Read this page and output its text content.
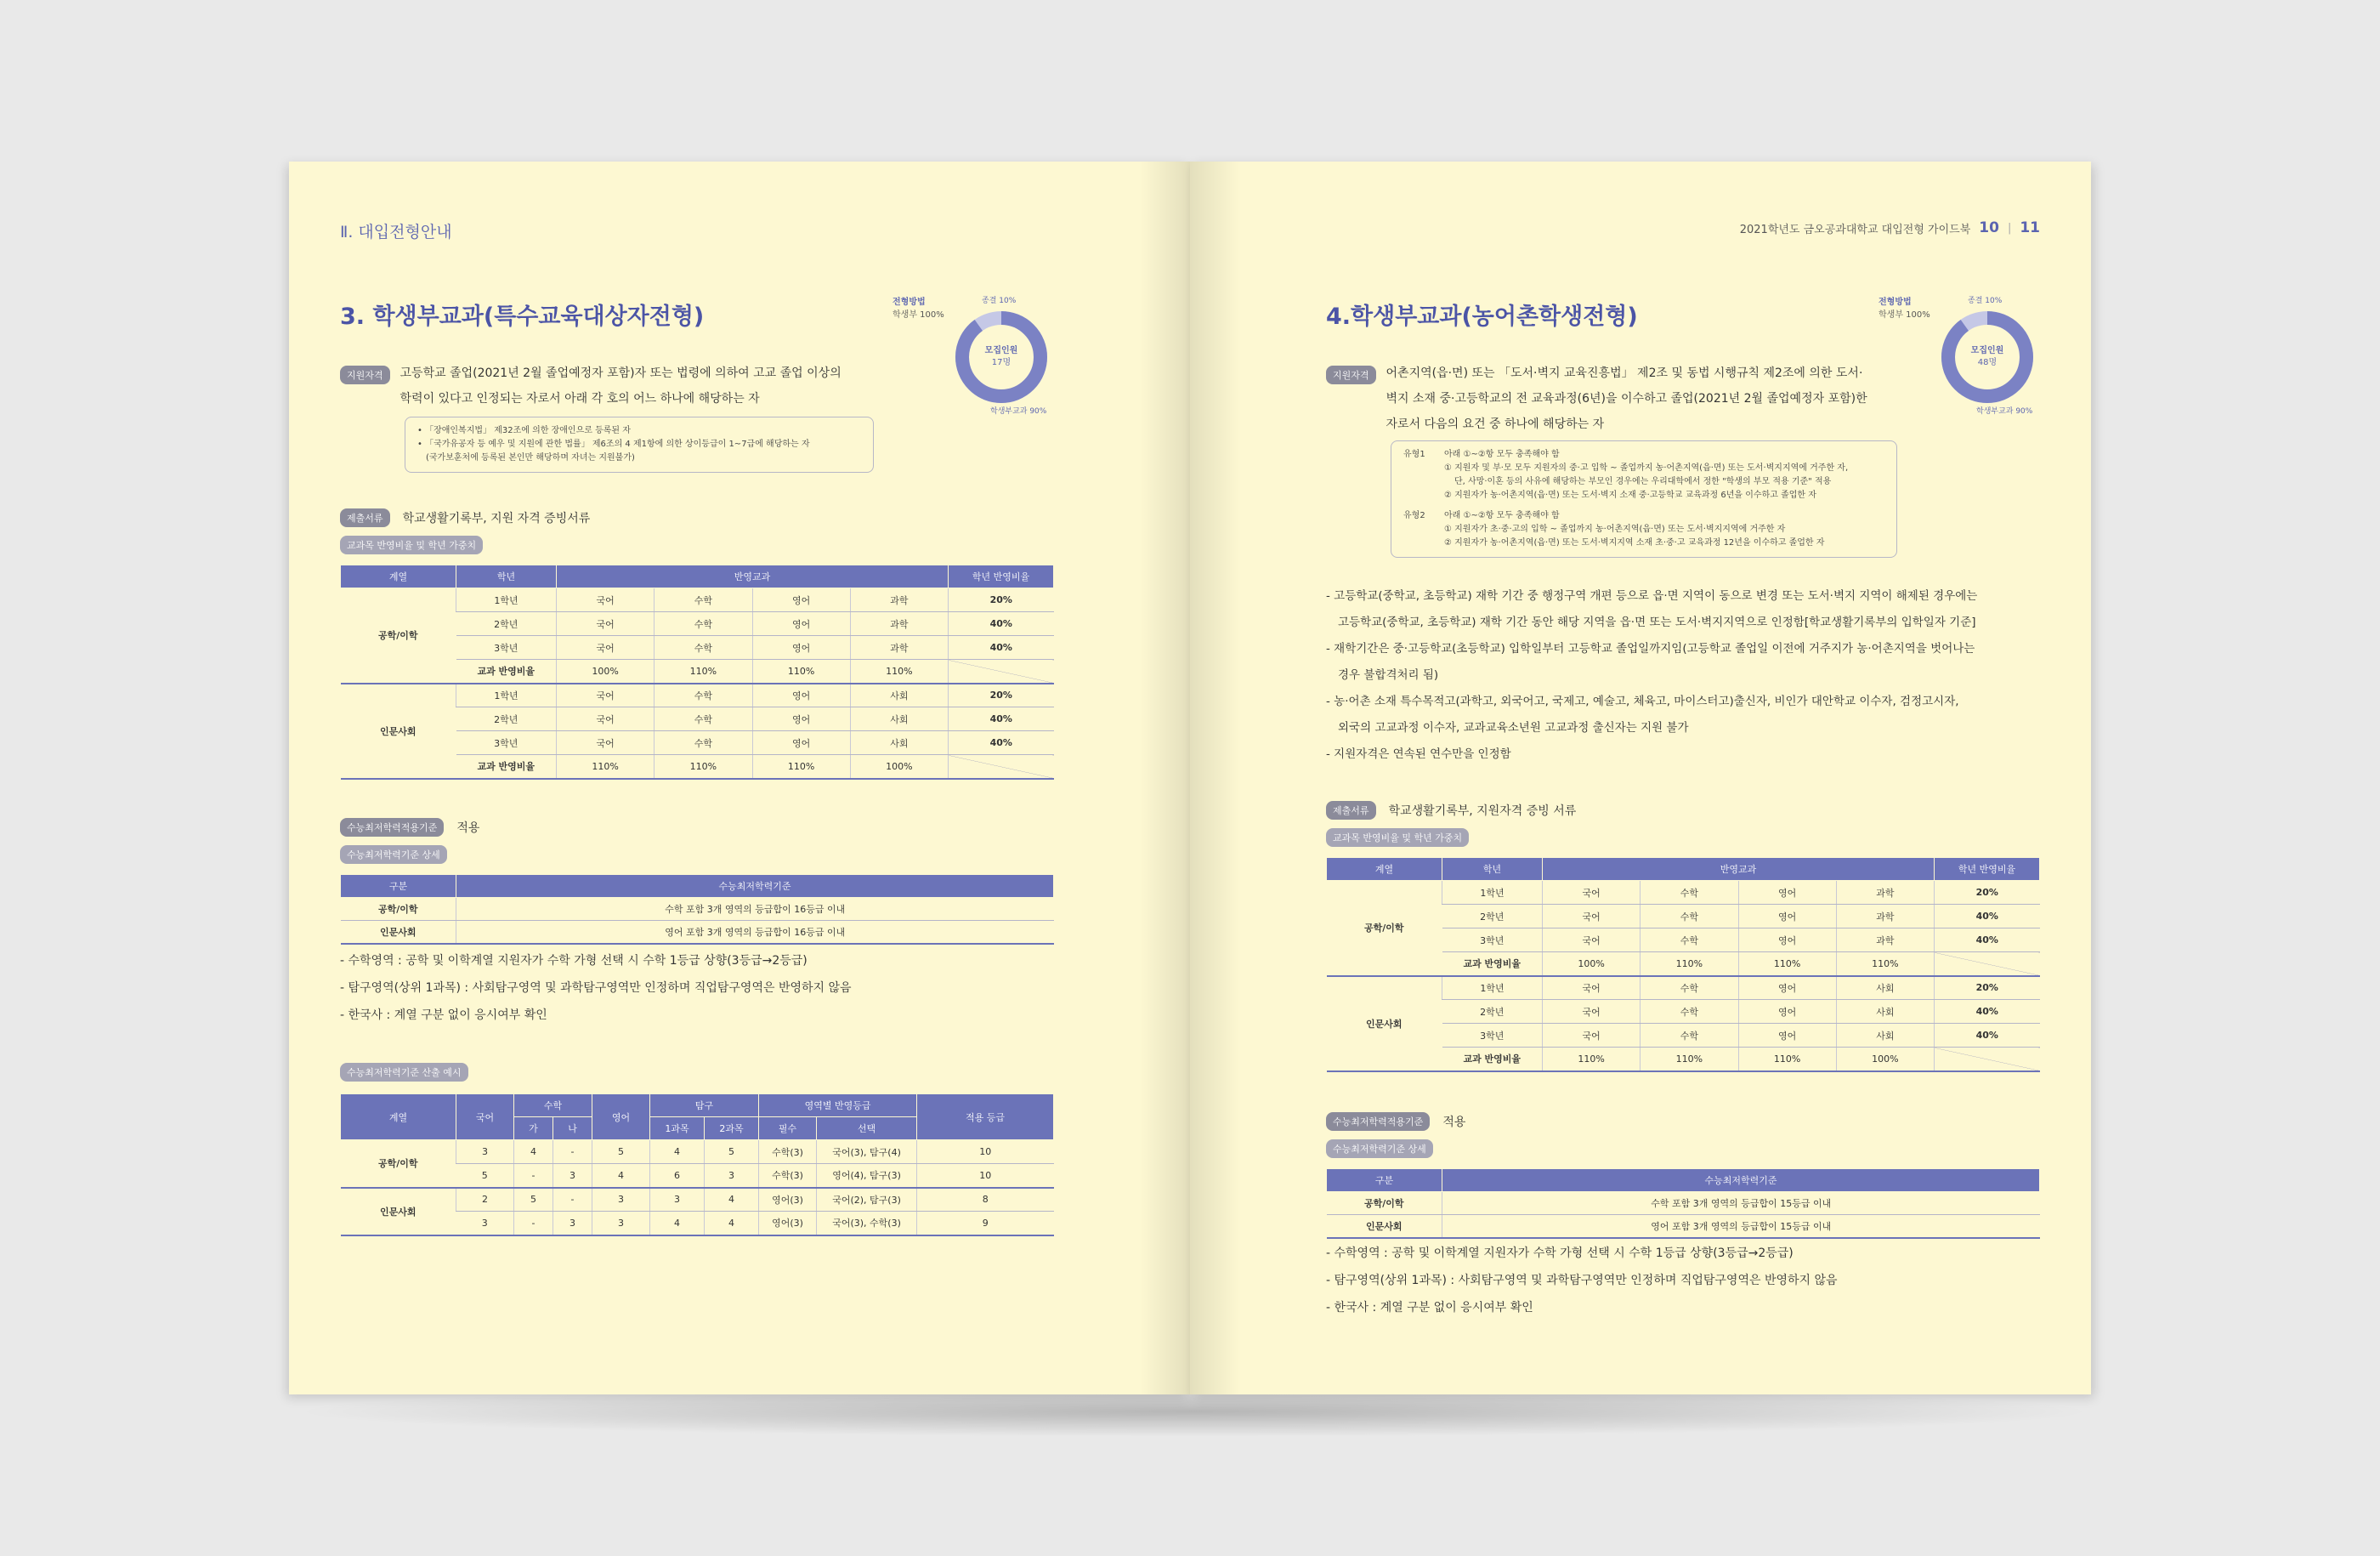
Ⅱ. 대입전형안내
3. 학생부교과(특수교육대상자전형)
전형방법
학생부 100%
종결 10%
모집인원
17명
학생부교과 90%
지원자격	고등학교 졸업(2021년 2월 졸업예정자 포함)자 또는 법령에 의하여 고교 졸업 이상의
학력이 있다고 인정되는 자로서 아래 각 호의 어느 하나에 해당하는 자
• 「장애인복지법」 제32조에 의한 장애인으로 등록된 자
• 「국가유공자 등 예우 및 지원에 관한 법률」 제6조의 4 제1항에 의한 상이등급이 1~7급에 해당하는 자
(국가보훈처에 등록된 본인만 해당하며 자녀는 지원불가)
제출서류 학교생활기록부, 지원 자격 증빙서류
교과목 반영비율 및 학년 가중치
계열	학년	반영교과				학년 반영비율
공학/이학	1학년	국어	수학	영어	과학	20%
	2학년	국어	수학	영어	과학	40%
	3학년	국어	수학	영어	과학	40%
	교과 반영비율	100%	110%	110%	110%	
인문사회	1학년	국어	수학	영어	사회	20%
	2학년	국어	수학	영어	사회	40%
	3학년	국어	수학	영어	사회	40%
	교과 반영비율	110%	110%	110%	100%	
수능최저학력적용기준 적용
수능최저학력기준 상세
구분	수능최저학력기준
공학/이학	수학 포함 3개 영역의 등급합이 16등급 이내
인문사회	영어 포함 3개 영역의 등급합이 16등급 이내
- 수학영역 : 공학 및 이학계열 지원자가 수학 가형 선택 시 수학 1등급 상향(3등급→2등급)
- 탐구영역(상위 1과목) : 사회탐구영역 및 과학탐구영역만 인정하며 직업탐구영역은 반영하지 않음
- 한국사 : 계열 구분 없이 응시여부 확인
수능최저학력기준 산출 예시
계열	국어	수학		영어	탐구		영역별 반영등급		적용 등급
		가	나		1과목	2과목	필수	선택	
공학/이학	3	4	-	5	4	5	수학(3)	국어(3), 탐구(4)	10
	5	-	3	4	6	3	수학(3)	영어(4), 탐구(3)	10
인문사회	2	5	-	3	3	4	영어(3)	국어(2), 탐구(3)	8
	3	-	3	3	4	4	영어(3)	국어(3), 수학(3)	9
2021학년도 금오공과대학교 대입전형 가이드북 10 | 11
4.학생부교과(농어촌학생전형)
전형방법
학생부 100%
종결 10%
모집인원
48명
학생부교과 90%
지원자격	어촌지역(읍·면) 또는 「도서·벽지 교육진흥법」 제2조 및 동법 시행규칙 제2조에 의한 도서·
벽지 소재 중·고등학교의 전 교육과정(6년)을 이수하고 졸업(2021년 2월 졸업예정자 포함)한
자로서 다음의 요건 중 하나에 해당하는 자
유형1	아래 ①~②항 모두 충족해야 함
① 지원자 및 부·모 모두 지원자의 중·고 입학 ~ 졸업까지 농·어촌지역(읍·면) 또는 도서·벽지지역에 거주한 자,
단, 사망·이혼 등의 사유에 해당하는 부모인 경우에는 우리대학에서 정한 "학생의 부모 적용 기준" 적용
② 지원자가 농·어촌지역(읍·면) 또는 도서·벽지 소재 중·고등학교 교육과정 6년을 이수하고 졸업한 자
유형2	아래 ①~②항 모두 충족해야 함
① 지원자가 초·중·고의 입학 ~ 졸업까지 농·어촌지역(읍·면) 또는 도서·벽지지역에 거주한 자
② 지원자가 농·어촌지역(읍·면) 또는 도서·벽지지역 소재 초·중·고 교육과정 12년을 이수하고 졸업한 자
- 고등학교(중학교, 초등학교) 재학 기간 중 행정구역 개편 등으로 읍·면 지역이 동으로 변경 또는 도서·벽지 지역이 해제된 경우에는
고등학교(중학교, 초등학교) 재학 기간 동안 해당 지역을 읍·면 또는 도서·벽지지역으로 인정함[학교생활기록부의 입학일자 기준]
- 재학기간은 중·고등학교(초등학교) 입학일부터 고등학교 졸업일까지임(고등학교 졸업일 이전에 거주지가 농·어촌지역을 벗어나는
경우 불합격처리 됨)
- 농·어촌 소재 특수목적고(과학고, 외국어고, 국제고, 예술고, 체육고, 마이스터고)출신자, 비인가 대안학교 이수자, 검정고시자,
외국의 고교과정 이수자, 교과교육소년원 고교과정 출신자는 지원 불가
- 지원자격은 연속된 연수만을 인정함
제출서류 학교생활기록부, 지원자격 증빙 서류
교과목 반영비율 및 학년 가중치
계열	학년	반영교과				학년 반영비율
공학/이학	1학년	국어	수학	영어	과학	20%
	2학년	국어	수학	영어	과학	40%
	3학년	국어	수학	영어	과학	40%
	교과 반영비율	100%	110%	110%	110%	
인문사회	1학년	국어	수학	영어	사회	20%
	2학년	국어	수학	영어	사회	40%
	3학년	국어	수학	영어	사회	40%
	교과 반영비율	110%	110%	110%	100%	
수능최저학력적용기준 적용
수능최저학력기준 상세
구분	수능최저학력기준
공학/이학	수학 포함 3개 영역의 등급합이 15등급 이내
인문사회	영어 포함 3개 영역의 등급합이 15등급 이내
- 수학영역 : 공학 및 이학계열 지원자가 수학 가형 선택 시 수학 1등급 상향(3등급→2등급)
- 탐구영역(상위 1과목) : 사회탐구영역 및 과학탐구영역만 인정하며 직업탐구영역은 반영하지 않음
- 한국사 : 계열 구분 없이 응시여부 확인
